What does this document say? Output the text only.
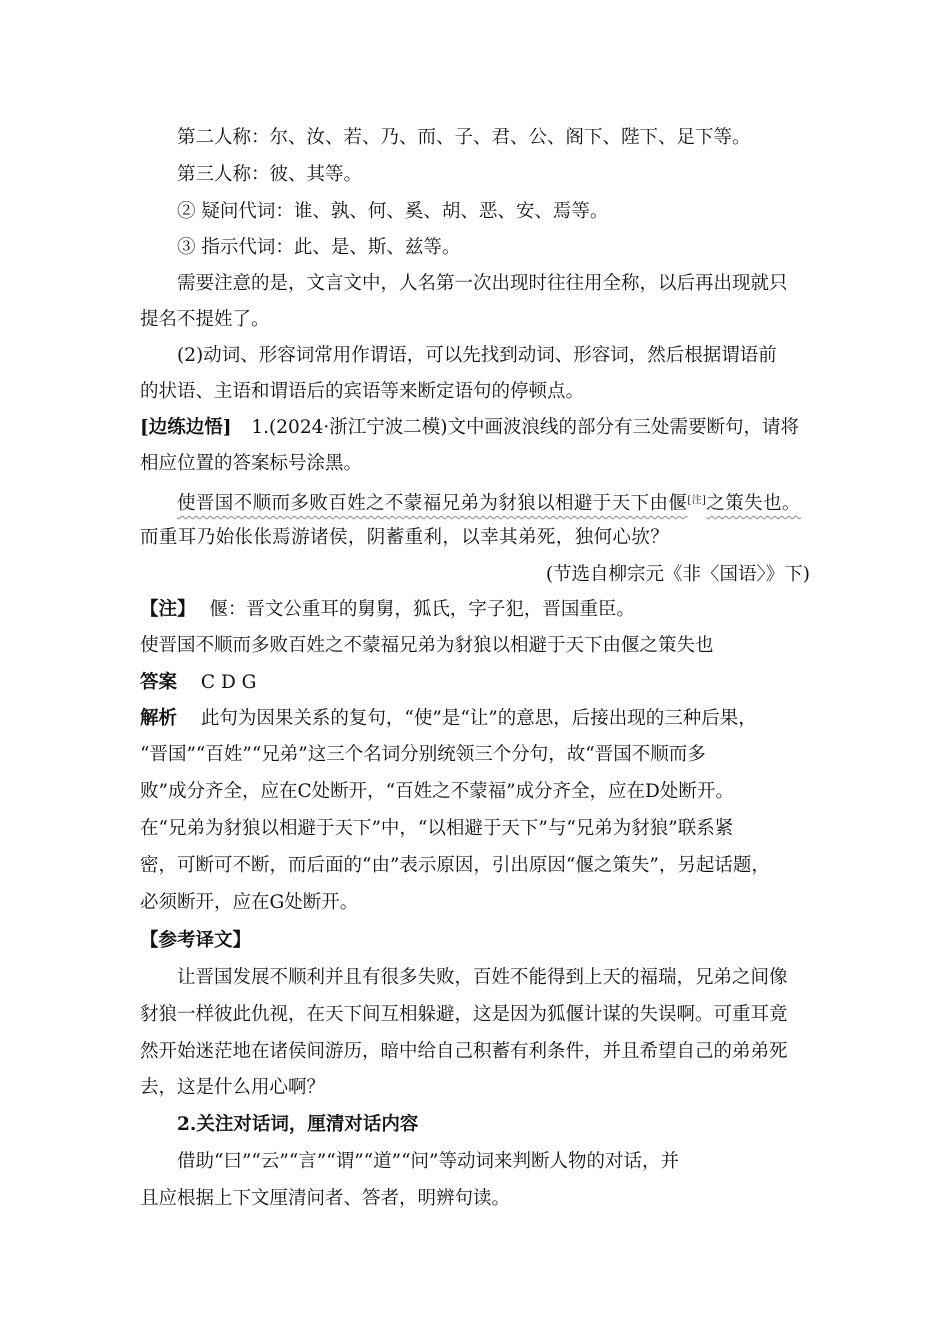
第二人称：尔、汝、若、乃、而、子、君、公、阁下、陛下、足下等。
第三人称：彼、其等。
② 疑问代词：谁、孰、何、奚、胡、恶、安、焉等。
③ 指示代词：此、是、斯、兹等。
需要注意的是，文言文中，人名第一次出现时往往用全称，以后再出现就只
提名不提姓了。
(2)动词、形容词常用作谓语，可以先找到动词、形容词，然后根据谓语前
的状语、主语和谓语后的宾语等来断定语句的停顿点。
[边练边悟] 1.(2024·浙江宁波二模)文中画波浪线的部分有三处需要断句，请将
相应位置的答案标号涂黑。
使晋国不顺而多败百姓之不蒙福兄弟为豺狼以相避于天下由偃[注]之策失也。
而重耳乃始伥伥焉游诸侯，阴蓄重利，以幸其弟死，独何心欤？
(节选自柳宗元《非〈国语〉》下)
【注】 偃：晋文公重耳的舅舅，狐氏，字子犯，晋国重臣。
使晋国不顺而多败百姓之不蒙福兄弟为豺狼以相避于天下由偃之策失也
答案 C D G
解析 此句为因果关系的复句，“使”是“让”的意思，后接出现的三种后果，
“晋国”“百姓”“兄弟”这三个名词分别统领三个分句，故“晋国不顺而多
败”成分齐全，应在C处断开，“百姓之不蒙福”成分齐全，应在D处断开。
在“兄弟为豺狼以相避于天下”中，“以相避于天下”与“兄弟为豺狼”联系紧
密，可断可不断，而后面的“由”表示原因，引出原因“偃之策失”，另起话题，
必须断开，应在G处断开。
【参考译文】
让晋国发展不顺利并且有很多失败，百姓不能得到上天的福瑞，兄弟之间像
豺狼一样彼此仇视，在天下间互相躲避，这是因为狐偃计谋的失误啊。可重耳竟
然开始迷茫地在诸侯间游历，暗中给自己积蓄有利条件，并且希望自己的弟弟死
去，这是什么用心啊？
2.关注对话词，厘清对话内容
借助“曰”“云”“言”“谓”“道”“问”等动词来判断人物的对话，并
且应根据上下文厘清问者、答者，明辨句读。
